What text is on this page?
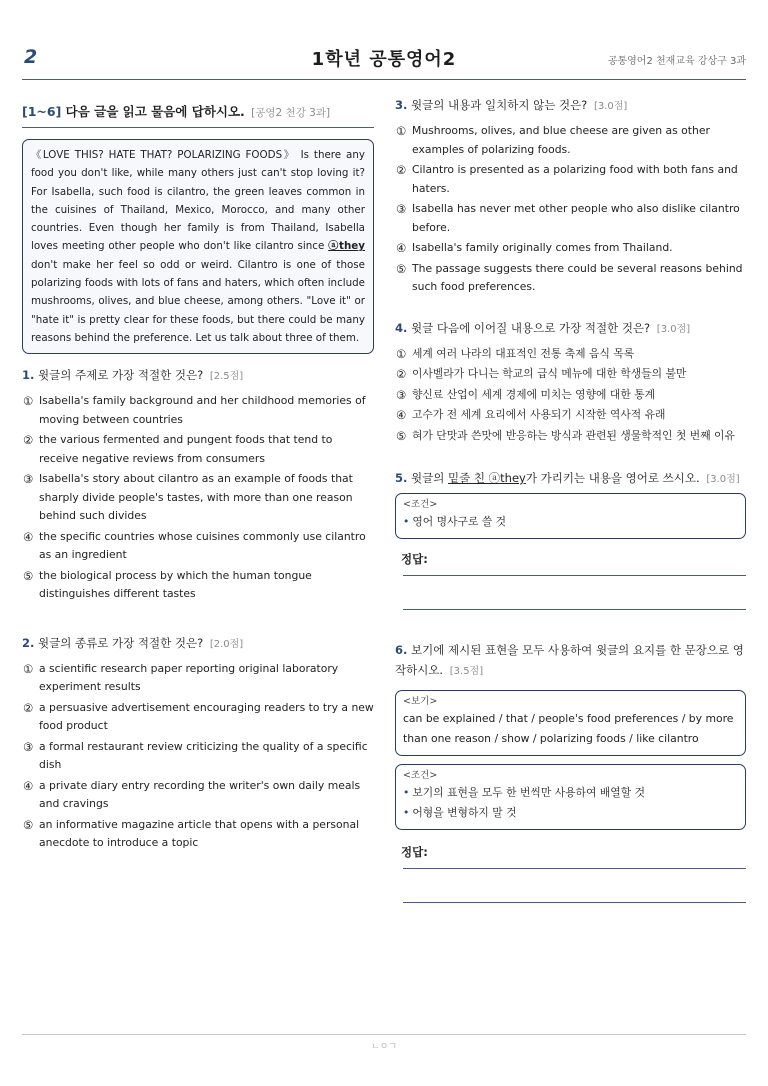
2	1학년 공통영어2	공통영어2 천재교육 강상구 3과
[1~6] 다음 글을 읽고 물음에 답하시오. [공영2 천강 3과]
《LOVE THIS? HATE THAT? POLARIZING FOODS》 Is there any food you don't like, while many others just can't stop loving it? For Isabella, such food is cilantro, the green leaves common in the cuisines of Thailand, Mexico, Morocco, and many other countries. Even though her family is from Thailand, Isabella loves meeting other people who don't like cilantro since ⓐthey don't make her feel so odd or weird. Cilantro is one of those polarizing foods with lots of fans and haters, which often include mushrooms, olives, and blue cheese, among others. "Love it" or "hate it" is pretty clear for these foods, but there could be many reasons behind the preference. Let us talk about three of them.
1. 윗글의 주제로 가장 적절한 것은? [2.5점]
① Isabella's family background and her childhood memories of moving between countries
② the various fermented and pungent foods that tend to receive negative reviews from consumers
③ Isabella's story about cilantro as an example of foods that sharply divide people's tastes, with more than one reason behind such divides
④ the specific countries whose cuisines commonly use cilantro as an ingredient
⑤ the biological process by which the human tongue distinguishes different tastes
2. 윗글의 종류로 가장 적절한 것은? [2.0점]
① a scientific research paper reporting original laboratory experiment results
② a persuasive advertisement encouraging readers to try a new food product
③ a formal restaurant review criticizing the quality of a specific dish
④ a private diary entry recording the writer's own daily meals and cravings
⑤ an informative magazine article that opens with a personal anecdote to introduce a topic
3. 윗글의 내용과 일치하지 않는 것은? [3.0점]
① Mushrooms, olives, and blue cheese are given as other examples of polarizing foods.
② Cilantro is presented as a polarizing food with both fans and haters.
③ Isabella has never met other people who also dislike cilantro before.
④ Isabella's family originally comes from Thailand.
⑤ The passage suggests there could be several reasons behind such food preferences.
4. 윗글 다음에 이어질 내용으로 가장 적절한 것은? [3.0점]
① 세계 여러 나라의 대표적인 전통 축제 음식 목록
② 이사벨라가 다니는 학교의 급식 메뉴에 대한 학생들의 불만
③ 향신료 산업이 세계 경제에 미치는 영향에 대한 통계
④ 고수가 전 세계 요리에서 사용되기 시작한 역사적 유래
⑤ 혀가 단맛과 쓴맛에 반응하는 방식과 관련된 생물학적인 첫 번째 이유
5. 윗글의 밑줄 친 ⓐthey가 가리키는 내용을 영어로 쓰시오. [3.0점]
<조건>
• 영어 명사구로 쓸 것
정답:
6. 보기에 제시된 표현을 모두 사용하여 윗글의 요지를 한 문장으로 영작하시오. [3.5점]
<보기>
can be explained / that / people's food preferences / by more than one reason / show / polarizing foods / like cilantro
<조건>
• 보기의 표현을 모두 한 번씩만 사용하여 배열할 것
• 어형을 변형하지 말 것
정답:
ㄴㅇㄱ
